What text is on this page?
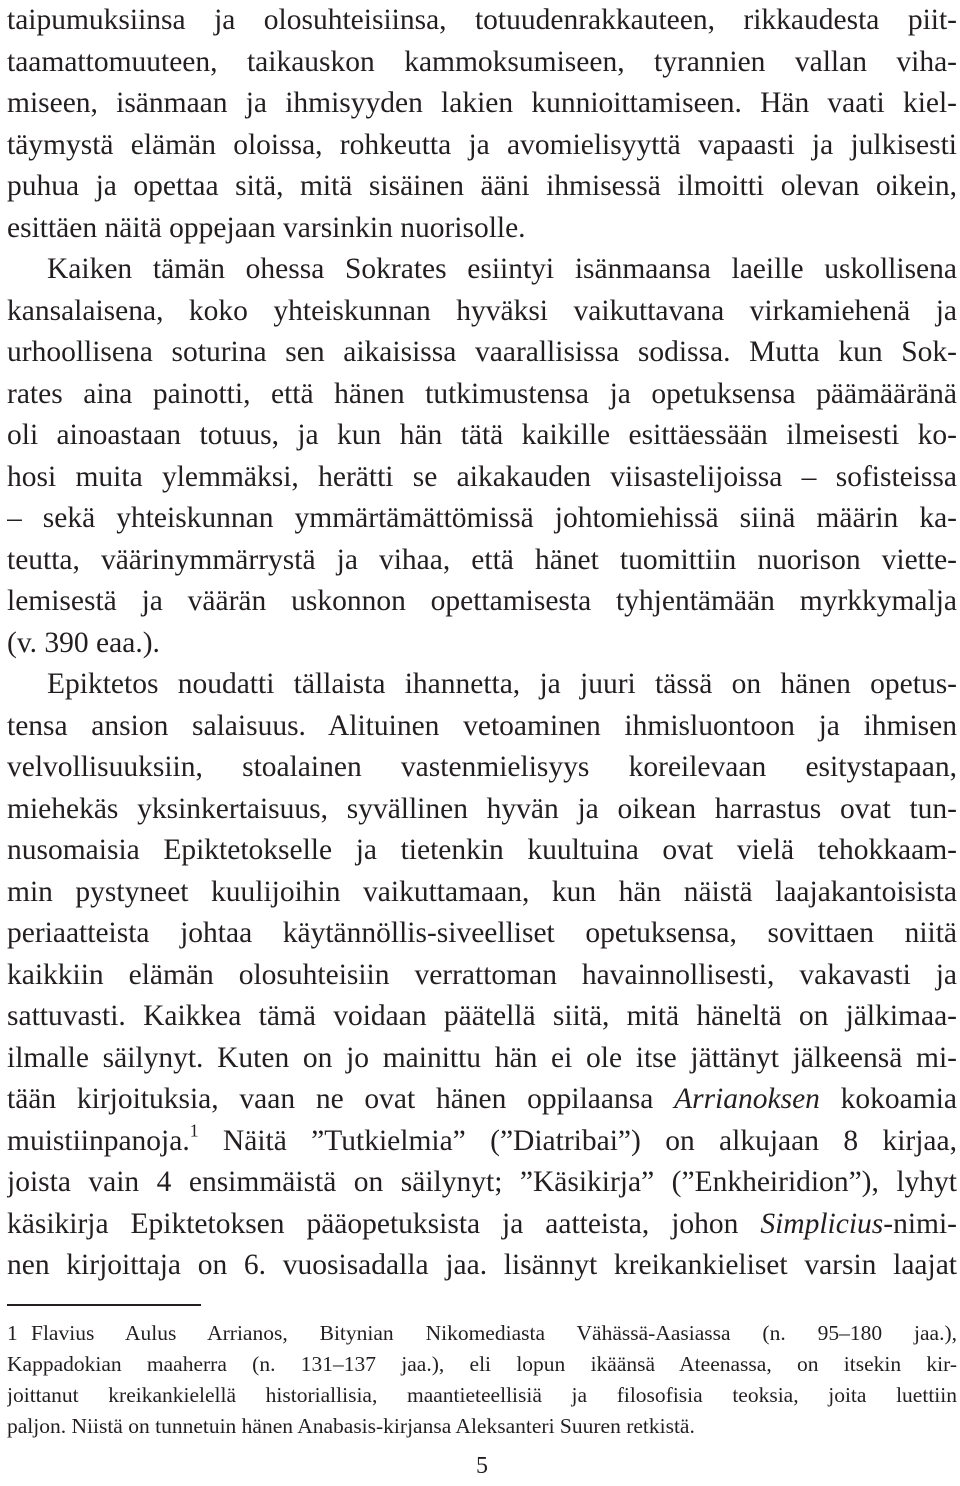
taipumuksiinsa ja olosuhteisiinsa, totuudenrakkauteen, rikkaudesta piit-
taamattomuuteen, taikauskon kammoksumiseen, tyrannien vallan viha-
miseen, isänmaan ja ihmisyyden lakien kunnioittamiseen. Hän vaati kiel-
täymystä elämän oloissa, rohkeutta ja avomielisyyttä vapaasti ja julkisesti
puhua ja opettaa sitä, mitä sisäinen ääni ihmisessä ilmoitti olevan oikein,
esittäen näitä oppejaan varsinkin nuorisolle.
Kaiken tämän ohessa Sokrates esiintyi isänmaansa laeille uskollisena
kansalaisena, koko yhteiskunnan hyväksi vaikuttavana virkamiehenä ja
urhoollisena soturina sen aikaisissa vaarallisissa sodissa. Mutta kun Sok-
rates aina painotti, että hänen tutkimustensa ja opetuksensa päämääränä
oli ainoastaan totuus, ja kun hän tätä kaikille esittäessään ilmeisesti ko-
hosi muita ylemmäksi, herätti se aikakauden viisastelijoissa – sofisteissa
– sekä yhteiskunnan ymmärtämättömissä johtomiehissä siinä määrin ka-
teutta, väärinymmärrystä ja vihaa, että hänet tuomittiin nuorison viette-
lemisestä ja väärän uskonnon opettamisesta tyhjentämään myrkkymalja
(v. 390 eaa.).
Epiktetos noudatti tällaista ihannetta, ja juuri tässä on hänen opetus-
tensa ansion salaisuus. Alituinen vetoaminen ihmisluontoon ja ihmisen
velvollisuuksiin, stoalainen vastenmielisyys koreilevaan esitystapaan,
miehekäs yksinkertaisuus, syvällinen hyvän ja oikean harrastus ovat tun-
nusomaisia Epiktetokselle ja tietenkin kuultuina ovat vielä tehokkaam-
min pystyneet kuulijoihin vaikuttamaan, kun hän näistä laajakantoisista
periaatteista johtaa käytännöllis-siveelliset opetuksensa, sovittaen niitä
kaikkiin elämän olosuhteisiin verrattoman havainnollisesti, vakavasti ja
sattuvasti. Kaikkea tämä voidaan päätellä siitä, mitä häneltä on jälkimaa-
ilmalle säilynyt. Kuten on jo mainittu hän ei ole itse jättänyt jälkeensä mi-
tään kirjoituksia, vaan ne ovat hänen oppilaansa Arrianoksen kokoamia
muistiinpanoja.$^1$ Näitä ”Tutkielmia” (”Diatribai”) on alkujaan 8 kirjaa,
joista vain 4 ensimmäistä on säilynyt; ”Käsikirja” (”Enkheiridion”), lyhyt
käsikirja Epiktetoksen pääopetuksista ja aatteista, johon Simplicius-nimi-
nen kirjoittaja on 6. vuosisadalla jaa. lisännyt kreikankieliset varsin laajat
1 Flavius Aulus Arrianos, Bitynian Nikomediasta Vähässä-Aasiassa (n. 95–180 jaa.),
Kappadokian maaherra (n. 131–137 jaa.), eli lopun ikäänsä Ateenassa, on itsekin kir-
joittanut kreikankielellä historiallisia, maantieteellisiä ja filosofisia teoksia, joita luettiin
paljon. Niistä on tunnetuin hänen Anabasis-kirjansa Aleksanteri Suuren retkistä.
5
